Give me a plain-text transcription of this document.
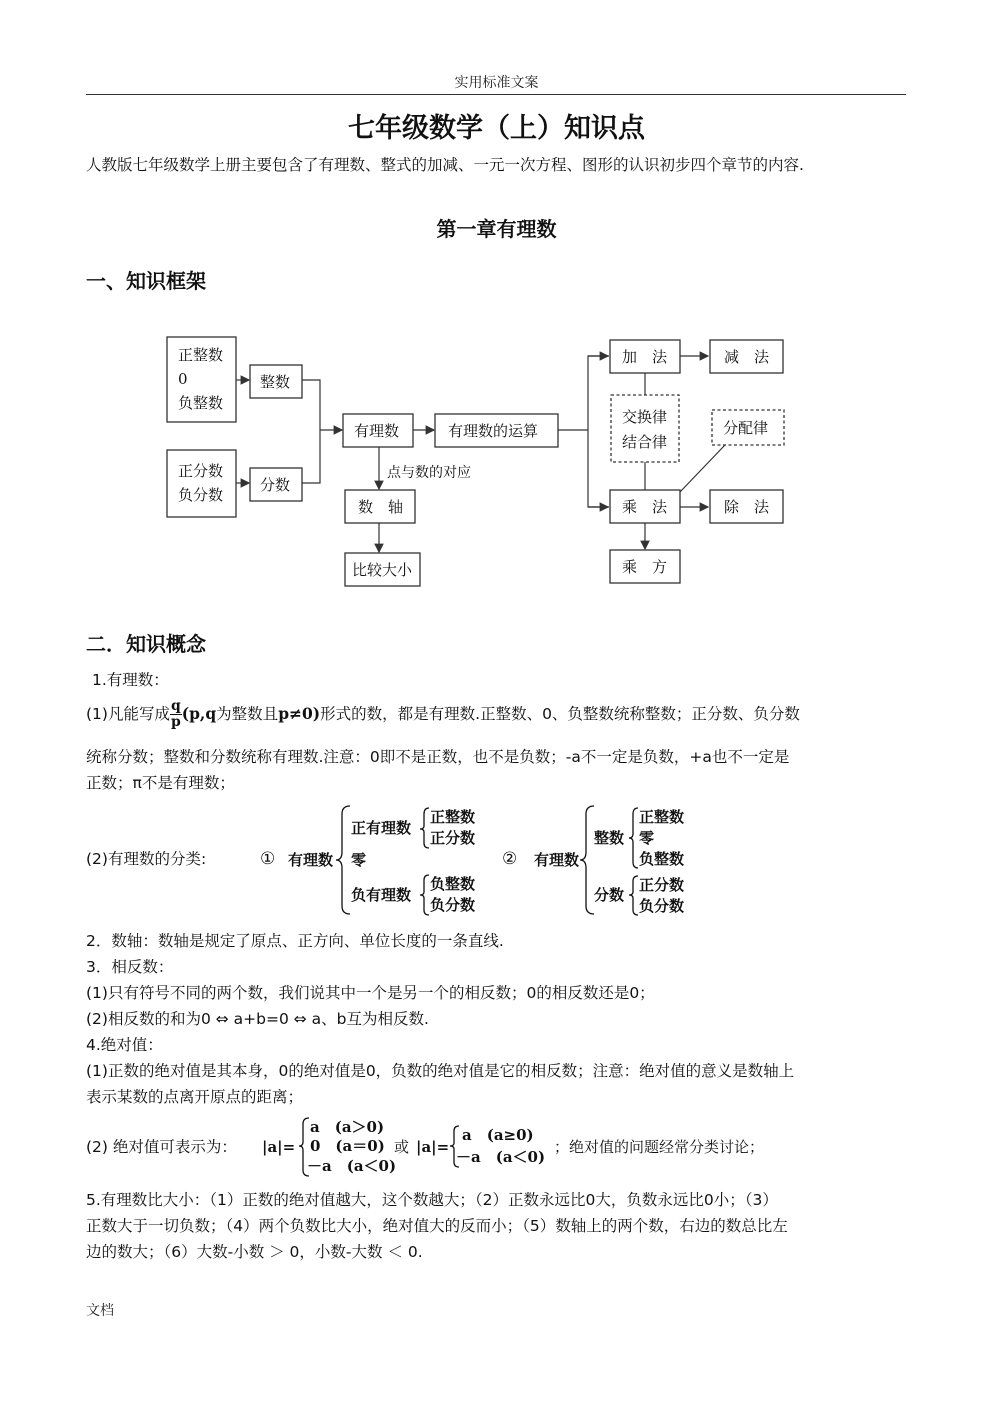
实用标准文案
七年级数学（上）知识点
人教版七年级数学上册主要包含了有理数、整式的加减、一元一次方程、图形的认识初步四个章节的内容.
第一章有理数
一、知识框架
正整数
0
负整数
整数
正分数
负分数
分数
有理数	有理数的运算
点与数的对应
数　轴
比较大小
加　法	减　法
交换律
结合律
分配律
乘　法	除　法
乘　方
二．知识概念
1.有理数：
(1)凡能写成 $\frac{q}{p} (p,q$为整数且p≠0)形式的数，都是有理数.正整数、0、负整数统称整数；正分数、负分数
统称分数；整数和分数统称有理数.注意：0即不是正数，也不是负数；-a不一定是负数，+a也不一定是
正数；π不是有理数；
(2)有理数的分类:	①	②
有理数
正有理数
正整数
正分数
零
负有理数
负整数
负分数
有理数
整数
正整数
零
负整数
分数
正分数
负分数
2．数轴：数轴是规定了原点、正方向、单位长度的一条直线.
3．相反数：
(1)只有符号不同的两个数，我们说其中一个是另一个的相反数；0的相反数还是0；
(2)相反数的和为0 ⇔ a+b=0 ⇔ a、b互为相反数.
4.绝对值：
(1)正数的绝对值是其本身，0的绝对值是0，负数的绝对值是它的相反数；注意：绝对值的意义是数轴上
表示某数的点离开原点的距离；
(2) 绝对值可表示为： |a|=
a　(a＞0)
0　(a＝0)
－a　(a＜0)
或 |a|=
a　(a≥0)
－a　(a＜0)
；绝对值的问题经常分类讨论；
5.有理数比大小：（1）正数的绝对值越大，这个数越大；（2）正数永远比0大，负数永远比0小；（3）
正数大于一切负数；（4）两个负数比大小，绝对值大的反而小；（5）数轴上的两个数，右边的数总比左
边的数大；（6）大数-小数 ＞ 0，小数-大数 ＜ 0.
文档
